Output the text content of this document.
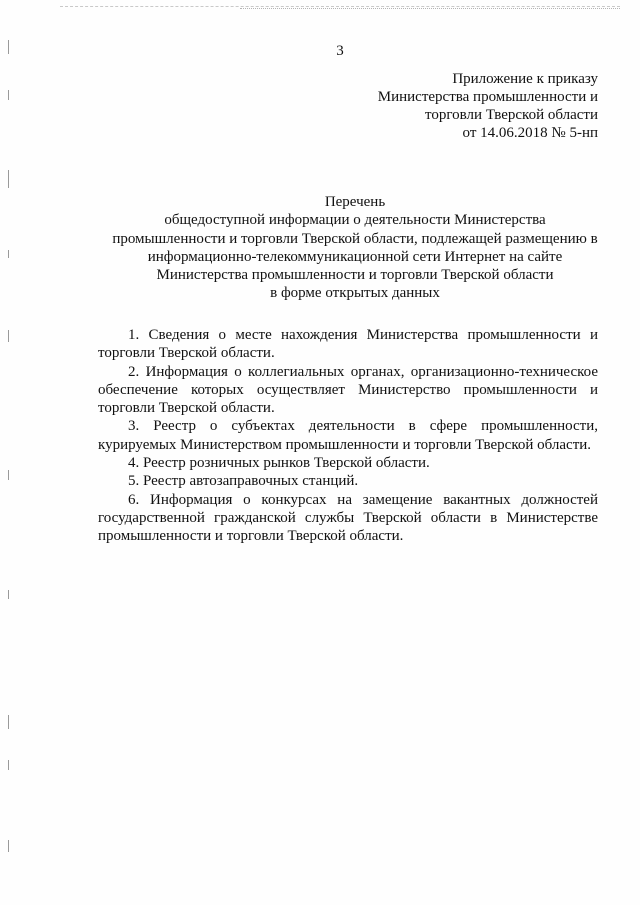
3
Приложение к приказу
Министерства промышленности и
торговли Тверской области
от 14.06.2018 № 5-нп
Перечень
общедоступной информации о деятельности Министерства
промышленности и торговли Тверской области, подлежащей размещению в
информационно-телекоммуникационной сети Интернет на сайте
Министерства промышленности и торговли Тверской области
в форме открытых данных

1. Сведения о месте нахождения Министерства промышленности и торговли Тверской области.

2. Информация о коллегиальных органах, организационно-техническое обеспечение которых осуществляет Министерство промышленности и торговли Тверской области.

3. Реестр о субъектах деятельности в сфере промышленности, курируемых Министерством промышленности и торговли Тверской области.

4. Реестр розничных рынков Тверской области.

5. Реестр автозаправочных станций.

6. Информация о конкурсах на замещение вакантных должностей государственной гражданской службы Тверской области в Министерстве промышленности и торговли Тверской области.
